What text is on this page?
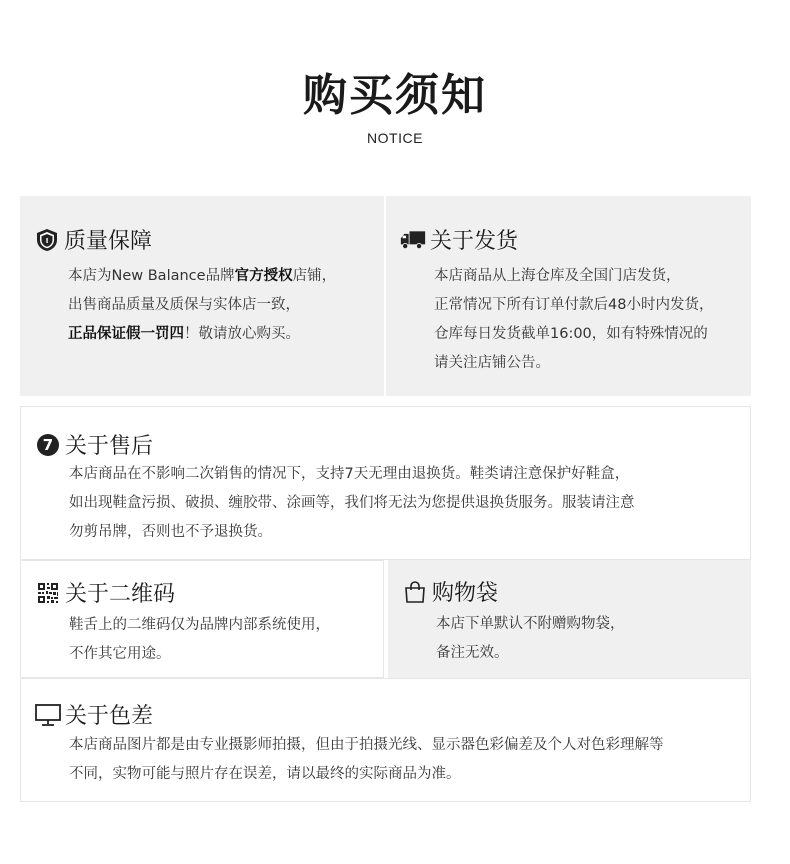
购买须知
NOTICE
I 质量保障
本店为New Balance品牌官方授权店铺，
出售商品质量及质保与实体店一致，
正品保证假一罚四！敬请放心购买。
关于发货
本店商品从上海仓库及全国门店发货，
正常情况下所有订单付款后48小时内发货，
仓库每日发货截单16:00，如有特殊情况的
请关注店铺公告。
7 关于售后
本店商品在不影响二次销售的情况下，支持7天无理由退换货。鞋类请注意保护好鞋盒，
如出现鞋盒污损、破损、缠胶带、涂画等，我们将无法为您提供退换货服务。服装请注意
勿剪吊牌，否则也不予退换货。
关于二维码
鞋舌上的二维码仅为品牌内部系统使用，
不作其它用途。
购物袋
本店下单默认不附赠购物袋，
备注无效。
关于色差
本店商品图片都是由专业摄影师拍摄，但由于拍摄光线、显示器色彩偏差及个人对色彩理解等
不同，实物可能与照片存在误差，请以最终的实际商品为准。
